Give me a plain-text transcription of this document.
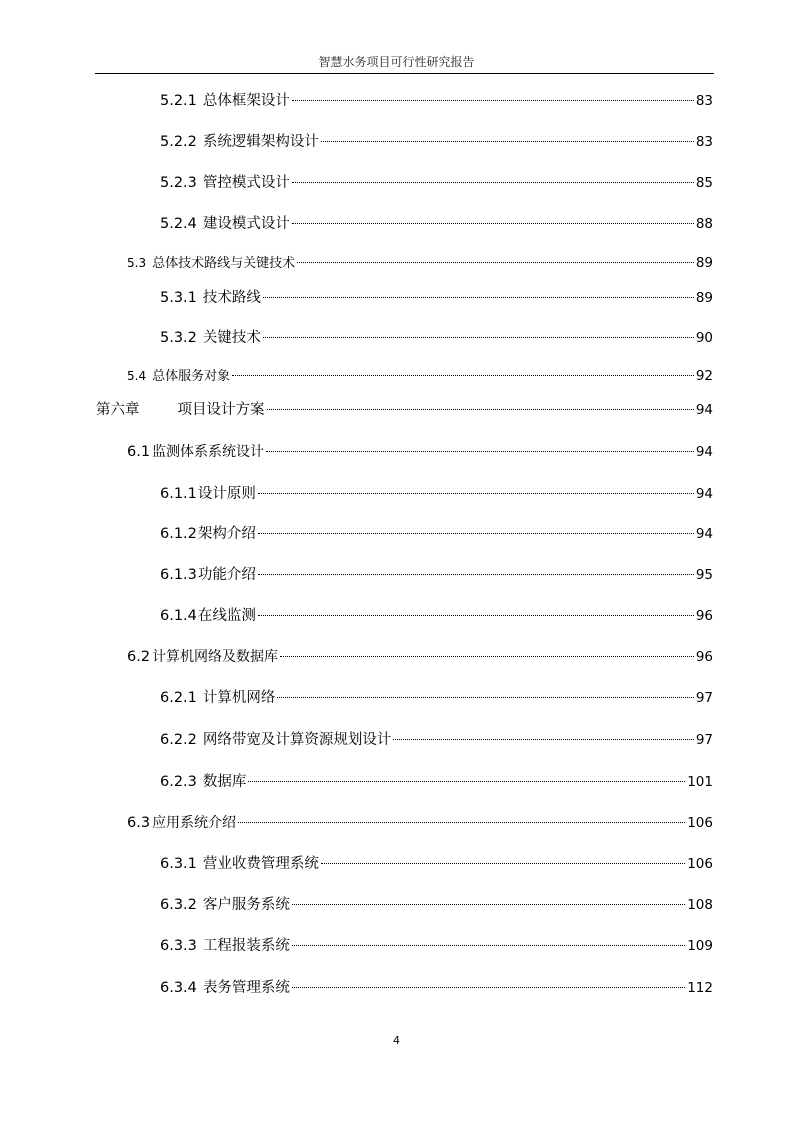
智慧水务项目可行性研究报告
5.2.1 总体框架设计	83
5.2.2 系统逻辑架构设计	83
5.2.3 管控模式设计	85
5.2.4 建设模式设计	88
5.3 总体技术路线与关键技术	89
5.3.1 技术路线	89
5.3.2 关键技术	90
5.4 总体服务对象	92
第六章	项目设计方案	94
6.1 监测体系系统设计	94
6.1.1 设计原则	94
6.1.2 架构介绍	94
6.1.3 功能介绍	95
6.1.4 在线监测	96
6.2 计算机网络及数据库	96
6.2.1 计算机网络	97
6.2.2 网络带宽及计算资源规划设计	97
6.2.3 数据库	101
6.3 应用系统介绍	106
6.3.1 营业收费管理系统	106
6.3.2 客户服务系统	108
6.3.3 工程报装系统	109
6.3.4 表务管理系统	112
4
